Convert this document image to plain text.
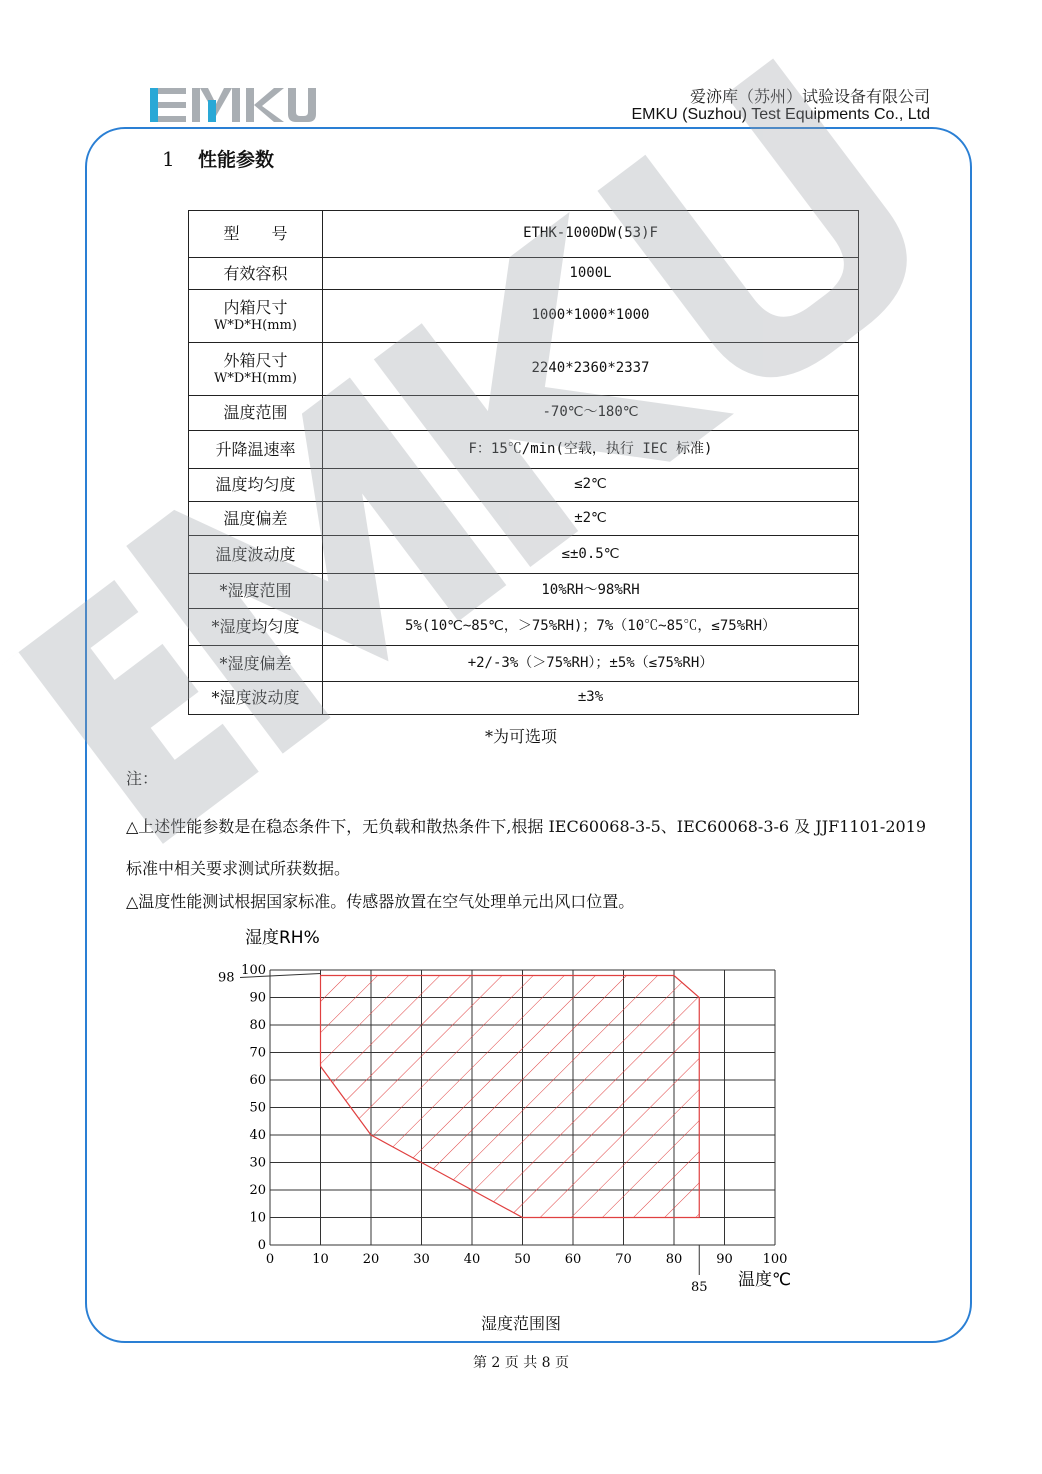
爱洂库（苏州）试验设备有限公司
EMKU (Suzhou) Test Equipments Co., Ltd
1 性能参数
型　　号	ETHK-1000DW(53)F
有效容积	1000L
内箱尺寸
W*D*H(mm)	1000*1000*1000
外箱尺寸
W*D*H(mm)	2240*2360*2337
温度范围	-70℃～180℃
升降温速率	F：15℃/min(空载，执行 IEC 标准)
温度均匀度	≤2℃
温度偏差	±2℃
温度波动度	≤±0.5℃
*湿度范围	10%RH～98%RH
*湿度均匀度	5%(10℃~85℃，＞75%RH)；7%（10℃~85℃，≤75%RH）
*湿度偏差	+2/-3%（＞75%RH）；±5%（≤75%RH）
*湿度波动度	±3%
*为可选项
注：
△上述性能参数是在稳态条件下，无负载和散热条件下,根据 IEC60068-3-5、IEC60068-3-6 及 JJF1101-2019 标准中相关要求测试所获数据。
△温度性能测试根据国家标准。传感器放置在空气处理单元出风口位置。
0	10	20	30	40	50	60	70	80	90 100
0
10
20
30
40
50
60
70
80
90
100
98
85
湿度RH%
温度℃
湿度范围图
第 2 页 共 8 页
